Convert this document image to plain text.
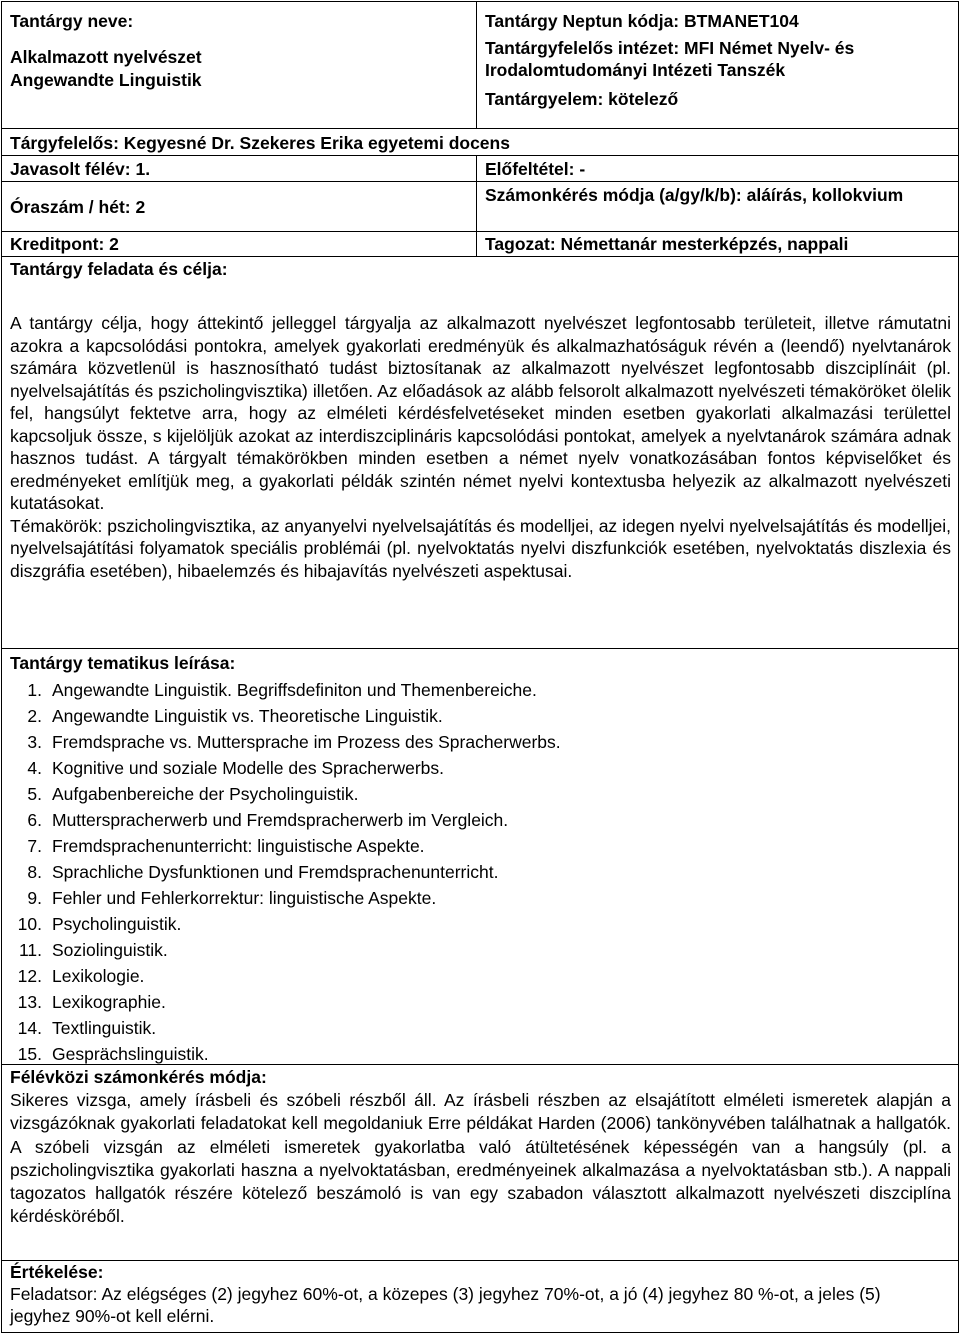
Tantárgy neve:
Alkalmazott nyelvészet
Angewandte Linguistik
Tantárgy Neptun kódja: BTMANET104
Tantárgyfelelős intézet: MFI Német Nyelv- és Irodalomtudományi Intézeti Tanszék
Tantárgyelem: kötelező
Tárgyfelelős: Kegyesné Dr. Szekeres Erika egyetemi docens
Javasolt félév: 1.	Előfeltétel: -
Óraszám / hét: 2
Számonkérés módja (a/gy/k/b): aláírás, kollokvium
Kreditpont: 2	Tagozat: Némettanár mesterképzés, nappali
Tantárgy feladata és célja:

A tantárgy célja, hogy áttekintő jelleggel tárgyalja az alkalmazott nyelvészet legfontosabb területeit, illetve rámutatni azokra a kapcsolódási pontokra, amelyek gyakorlati eredményük és alkalmazhatóságuk révén a (leendő) nyelvtanárok számára közvetlenül is hasznosítható tudást biztosítanak az alkalmazott nyelvészet legfontosabb diszciplínáit (pl. nyelvelsajátítás és pszicholingvisztika) illetően. Az előadások az alább felsorolt alkalmazott nyelvészeti témaköröket ölelik fel, hangsúlyt fektetve arra, hogy az elméleti kérdésfelvetéseket minden esetben gyakorlati alkalmazási területtel kapcsoljuk össze, s kijelöljük azokat az interdiszciplináris kapcsolódási pontokat, amelyek a nyelvtanárok számára adnak hasznos tudást. A tárgyalt témakörökben minden esetben a német nyelv vonatkozásában fontos képviselőket és eredményeket említjük meg, a gyakorlati példák szintén német nyelvi kontextusba helyezik az alkalmazott nyelvészeti kutatásokat.

Témakörök: pszicholingvisztika, az anyanyelvi nyelvelsajátítás és modelljei, az idegen nyelvi nyelvelsajátítás és modelljei, nyelvelsajátítási folyamatok speciális problémái (pl. nyelvoktatás nyelvi diszfunkciók esetében, nyelvoktatás diszlexia és diszgráfia esetében), hibaelemzés és hibajavítás nyelvészeti aspektusai.

Tantárgy tematikus leírása:
1. Angewandte Linguistik. Begriffsdefiniton und Themenbereiche.
2. Angewandte Linguistik vs. Theoretische Linguistik.
3. Fremdsprache vs. Muttersprache im Prozess des Spracherwerbs.
4. Kognitive und soziale Modelle des Spracherwerbs.
5. Aufgabenbereiche der Psycholinguistik.
6. Mutterspracherwerb und Fremdspracherwerb im Vergleich.
7. Fremdsprachenunterricht: linguistische Aspekte.
8. Sprachliche Dysfunktionen und Fremdsprachenunterricht.
9. Fehler und Fehlerkorrektur: linguistische Aspekte.
10. Psycholinguistik.
11. Soziolinguistik.
12. Lexikologie.
13. Lexikographie.
14. Textlinguistik.
15. Gesprächslinguistik.
Félévközi számonkérés módja:

Sikeres vizsga, amely írásbeli és szóbeli részből áll. Az írásbeli részben az elsajátított elméleti ismeretek alapján a vizsgázóknak gyakorlati feladatokat kell megoldaniuk Erre példákat Harden (2006) tankönyvében találhatnak a hallgatók. A szóbeli vizsgán az elméleti ismeretek gyakorlatba való átültetésének képességén van a hangsúly (pl. a pszicholingvisztika gyakorlati haszna a nyelvoktatásban, eredményeinek alkalmazása a nyelvoktatásban stb.). A nappali tagozatos hallgatók részére kötelező beszámoló is van egy szabadon választott alkalmazott nyelvészeti diszciplína kérdésköréből.

Értékelése:

Feladatsor: Az elégséges (2) jegyhez 60%-ot, a közepes (3) jegyhez 70%-ot, a jó (4) jegyhez 80 %-ot, a jeles (5) jegyhez 90%-ot kell elérni.
